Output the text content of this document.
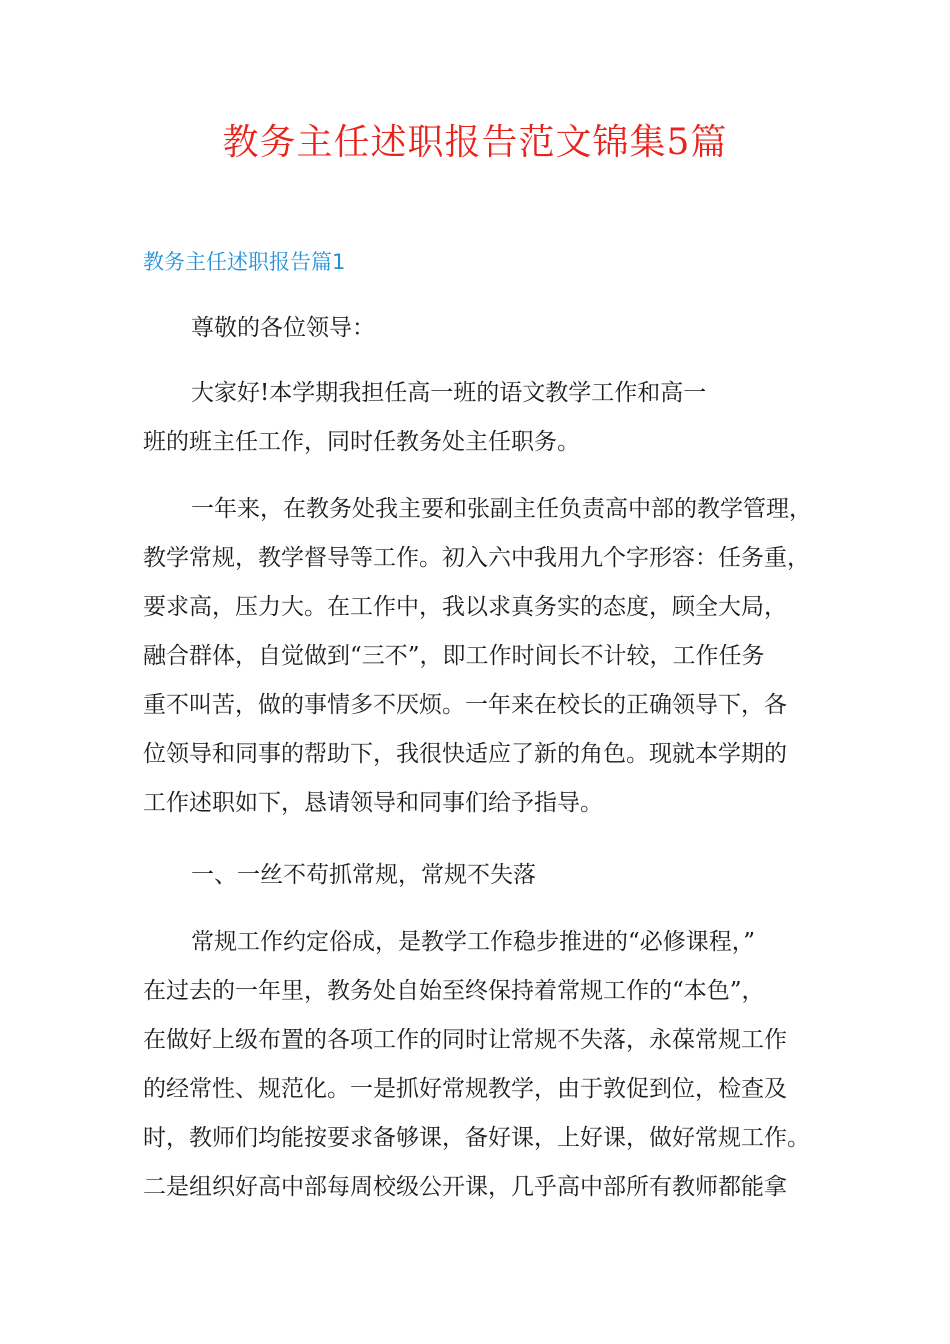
教务主任述职报告范文锦集5篇
教务主任述职报告篇1
尊敬的各位领导：
大家好!本学期我担任高一班的语文教学工作和高一
班的班主任工作，同时任教务处主任职务。
一年来，在教务处我主要和张副主任负责高中部的教学管理，
教学常规，教学督导等工作。初入六中我用九个字形容：任务重，
要求高，压力大。在工作中，我以求真务实的态度，顾全大局，
融合群体，自觉做到“三不”，即工作时间长不计较，工作任务
重不叫苦，做的事情多不厌烦。一年来在校长的正确领导下，各
位领导和同事的帮助下，我很快适应了新的角色。现就本学期的
工作述职如下，恳请领导和同事们给予指导。
一、一丝不苟抓常规，常规不失落
常规工作约定俗成，是教学工作稳步推进的“必修课程，”
在过去的一年里，教务处自始至终保持着常规工作的“本色”，
在做好上级布置的各项工作的同时让常规不失落，永葆常规工作
的经常性、规范化。一是抓好常规教学，由于敦促到位，检查及
时，教师们均能按要求备够课，备好课，上好课，做好常规工作。
二是组织好高中部每周校级公开课，几乎高中部所有教师都能拿
